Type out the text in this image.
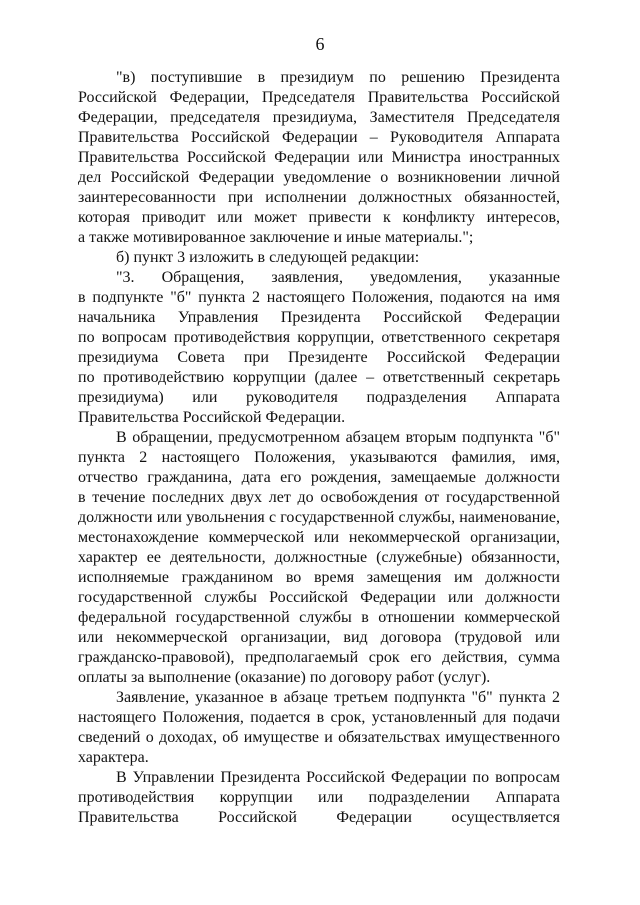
6
"в) поступившие в президиум по решению Президента
Российской Федерации, Председателя Правительства Российской
Федерации, председателя президиума, Заместителя Председателя
Правительства Российской Федерации – Руководителя Аппарата
Правительства Российской Федерации или Министра иностранных
дел Российской Федерации уведомление о возникновении личной
заинтересованности при исполнении должностных обязанностей,
которая приводит или может привести к конфликту интересов,
а также мотивированное заключение и иные материалы.";
б) пункт 3 изложить в следующей редакции:
"3. Обращения, заявления, уведомления, указанные
в подпункте "б" пункта 2 настоящего Положения, подаются на имя
начальника Управления Президента Российской Федерации
по вопросам противодействия коррупции, ответственного секретаря
президиума Совета при Президенте Российской Федерации
по противодействию коррупции (далее – ответственный секретарь
президиума) или руководителя подразделения Аппарата
Правительства Российской Федерации.
В обращении, предусмотренном абзацем вторым подпункта "б"
пункта 2 настоящего Положения, указываются фамилия, имя,
отчество гражданина, дата его рождения, замещаемые должности
в течение последних двух лет до освобождения от государственной
должности или увольнения с государственной службы, наименование,
местонахождение коммерческой или некоммерческой организации,
характер ее деятельности, должностные (служебные) обязанности,
исполняемые гражданином во время замещения им должности
государственной службы Российской Федерации или должности
федеральной государственной службы в отношении коммерческой
или некоммерческой организации, вид договора (трудовой или
гражданско-правовой), предполагаемый срок его действия, сумма
оплаты за выполнение (оказание) по договору работ (услуг).
Заявление, указанное в абзаце третьем подпункта "б" пункта 2
настоящего Положения, подается в срок, установленный для подачи
сведений о доходах, об имуществе и обязательствах имущественного
характера.
В Управлении Президента Российской Федерации по вопросам
противодействия коррупции или подразделении Аппарата
Правительства Российской Федерации осуществляется
